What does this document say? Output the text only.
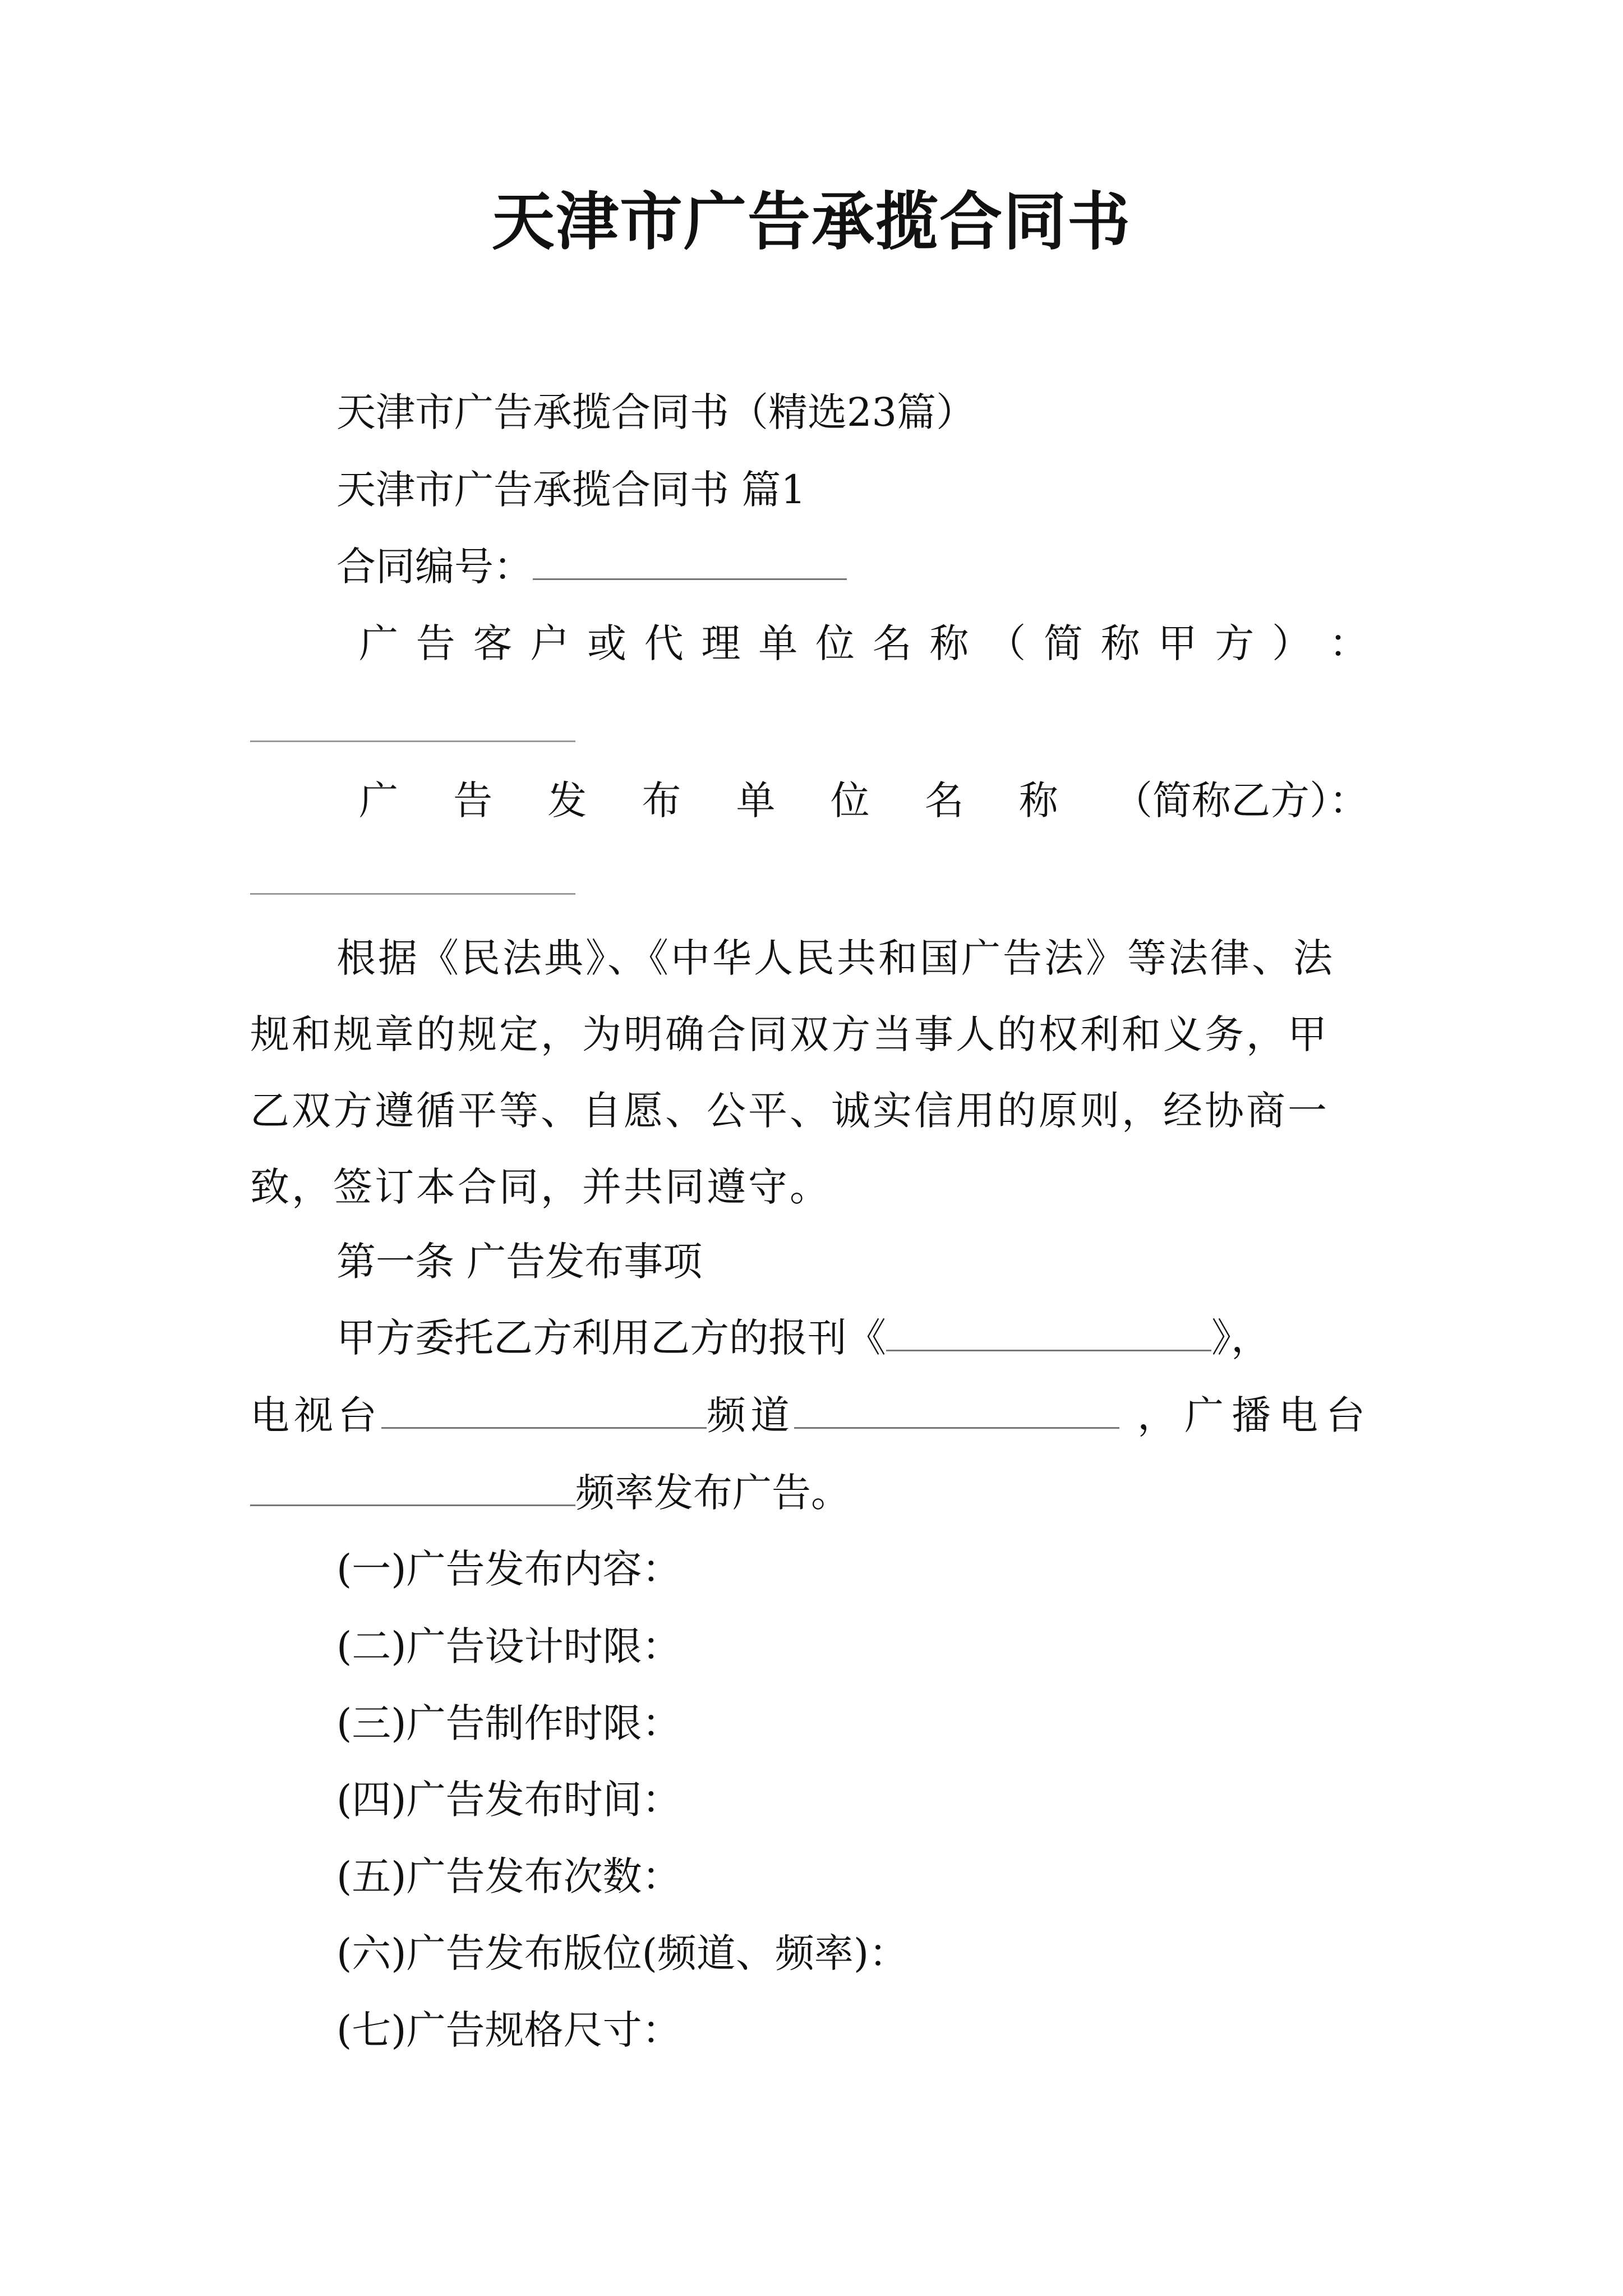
天津市广告承揽合同书
天津市广告承揽合同书（精选23篇）
天津市广告承揽合同书 篇1
合同编号：
广 告 客 户 或 代 理 单 位 名 称 （ 简 称 甲 方 ） ：
广 告 发 布 单 位 名 称 （简称乙方）：
根据《民法典》、《中华人民共和国广告法》等法律、法
规和规章的规定，为明确合同双方当事人的权利和义务，甲
乙双方遵循平等、自愿、公平、诚实信用的原则，经协商一
致，签订本合同，并共同遵守。
第一条 广告发布事项
甲方委托乙方利用乙方的报刊《	》，
电视台	频道	，广播电台
频率发布广告。
(一)广告发布内容：
(二)广告设计时限：
(三)广告制作时限：
(四)广告发布时间：
(五)广告发布次数：
(六)广告发布版位(频道、频率)：
(七)广告规格尺寸：
